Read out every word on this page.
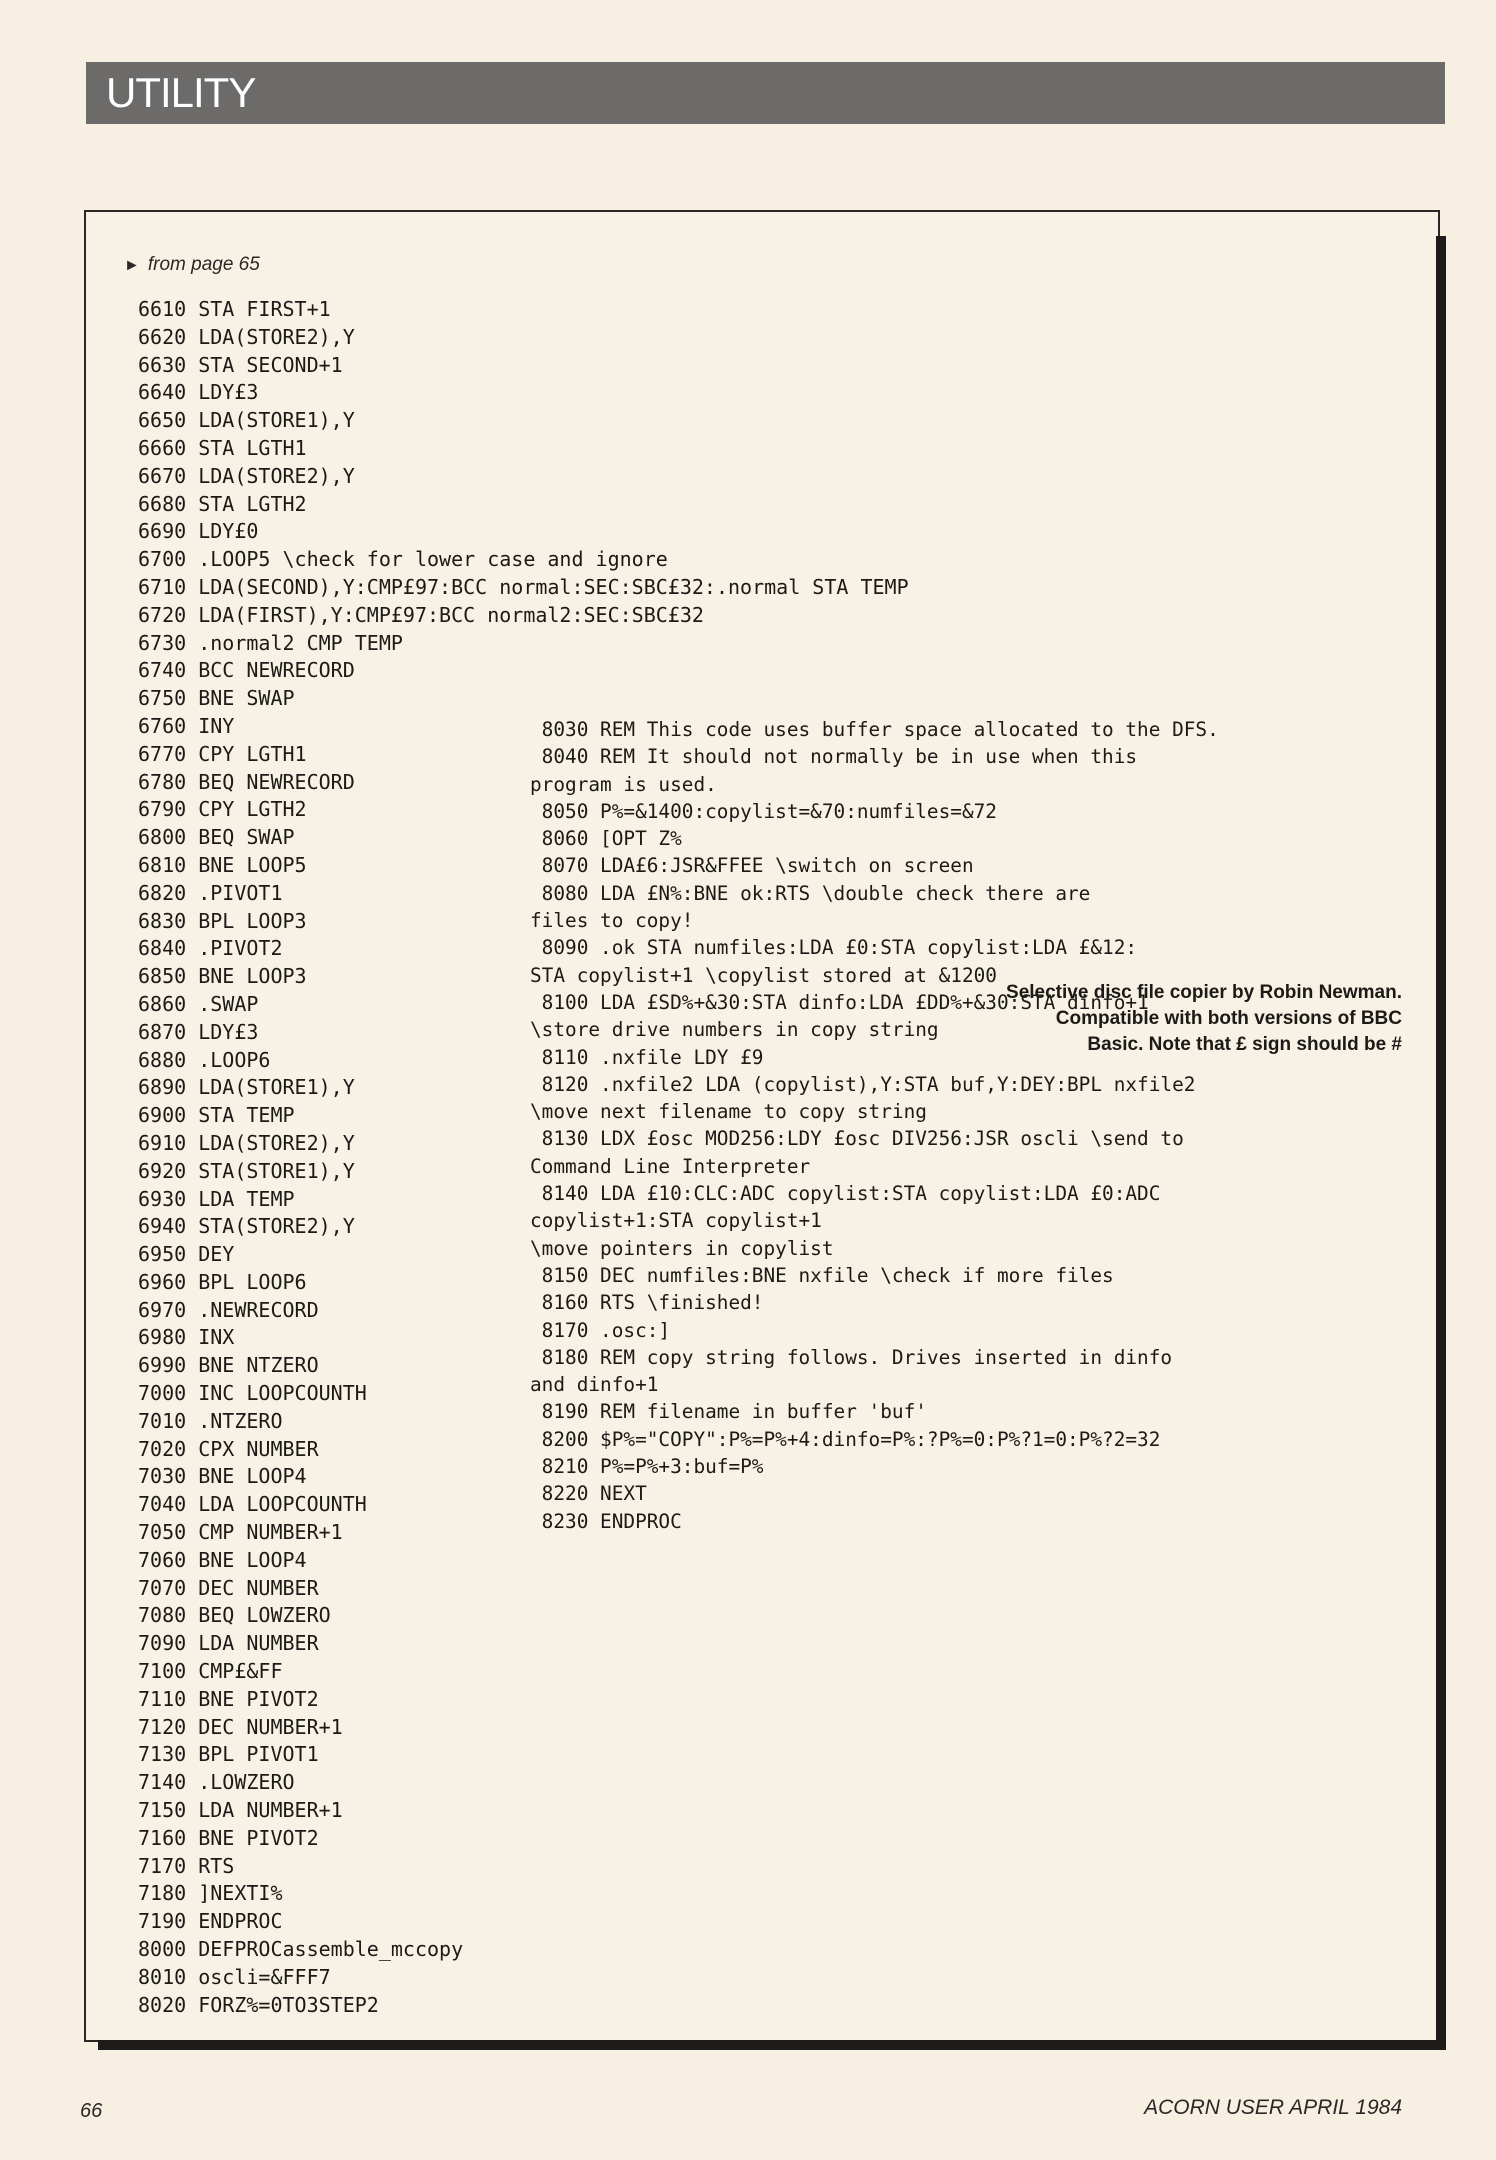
UTILITY
► from page 65
6610 STA FIRST+1
6620 LDA(STORE2),Y
6630 STA SECOND+1
6640 LDY£3
6650 LDA(STORE1),Y
6660 STA LGTH1
6670 LDA(STORE2),Y
6680 STA LGTH2
6690 LDY£0
6700 .LOOP5 \check for lower case and ignore
6710 LDA(SECOND),Y:CMP£97:BCC normal:SEC:SBC£32:.normal STA TEMP
6720 LDA(FIRST),Y:CMP£97:BCC normal2:SEC:SBC£32
6730 .normal2 CMP TEMP
6740 BCC NEWRECORD
6750 BNE SWAP
6760 INY
6770 CPY LGTH1
6780 BEQ NEWRECORD
6790 CPY LGTH2
6800 BEQ SWAP
6810 BNE LOOP5
6820 .PIVOT1
6830 BPL LOOP3
6840 .PIVOT2
6850 BNE LOOP3
6860 .SWAP
6870 LDY£3
6880 .LOOP6
6890 LDA(STORE1),Y
6900 STA TEMP
6910 LDA(STORE2),Y
6920 STA(STORE1),Y
6930 LDA TEMP
6940 STA(STORE2),Y
6950 DEY
6960 BPL LOOP6
6970 .NEWRECORD
6980 INX
6990 BNE NTZERO
7000 INC LOOPCOUNTH
7010 .NTZERO
7020 CPX NUMBER
7030 BNE LOOP4
7040 LDA LOOPCOUNTH
7050 CMP NUMBER+1
7060 BNE LOOP4
7070 DEC NUMBER
7080 BEQ LOWZERO
7090 LDA NUMBER
7100 CMP£&FF
7110 BNE PIVOT2
7120 DEC NUMBER+1
7130 BPL PIVOT1
7140 .LOWZERO
7150 LDA NUMBER+1
7160 BNE PIVOT2
7170 RTS
7180 ]NEXTI%
7190 ENDPROC
8000 DEFPROCassemble_mccopy
8010 oscli=&FFF7
8020 FORZ%=0TO3STEP2
8030 REM This code uses buffer space allocated to the DFS.
8040 REM It should not normally be in use when this
program is used.
8050 P%=&1400:copylist=&70:numfiles=&72
8060 [OPT Z%
8070 LDA£6:JSR&FFEE \switch on screen
8080 LDA £N%:BNE ok:RTS \double check there are
files to copy!
8090 .ok STA numfiles:LDA £0:STA copylist:LDA £&12:
STA copylist+1 \copylist stored at &1200
8100 LDA £SD%+&30:STA dinfo:LDA £DD%+&30:STA dinfo+1
\store drive numbers in copy string
8110 .nxfile LDY £9
8120 .nxfile2 LDA (copylist),Y:STA buf,Y:DEY:BPL nxfile2
\move next filename to copy string
8130 LDX £osc MOD256:LDY £osc DIV256:JSR oscli \send to
Command Line Interpreter
8140 LDA £10:CLC:ADC copylist:STA copylist:LDA £0:ADC
copylist+1:STA copylist+1
\move pointers in copylist
8150 DEC numfiles:BNE nxfile \check if more files
8160 RTS \finished!
8170 .osc:]
8180 REM copy string follows. Drives inserted in dinfo
and dinfo+1
8190 REM filename in buffer 'buf'
8200 $P%="COPY":P%=P%+4:dinfo=P%:?P%=0:P%?1=0:P%?2=32
8210 P%=P%+3:buf=P%
8220 NEXT
8230 ENDPROC
Selective disc file copier by Robin Newman.
Compatible with both versions of BBC
Basic. Note that £ sign should be #
66	ACORN USER APRIL 1984
